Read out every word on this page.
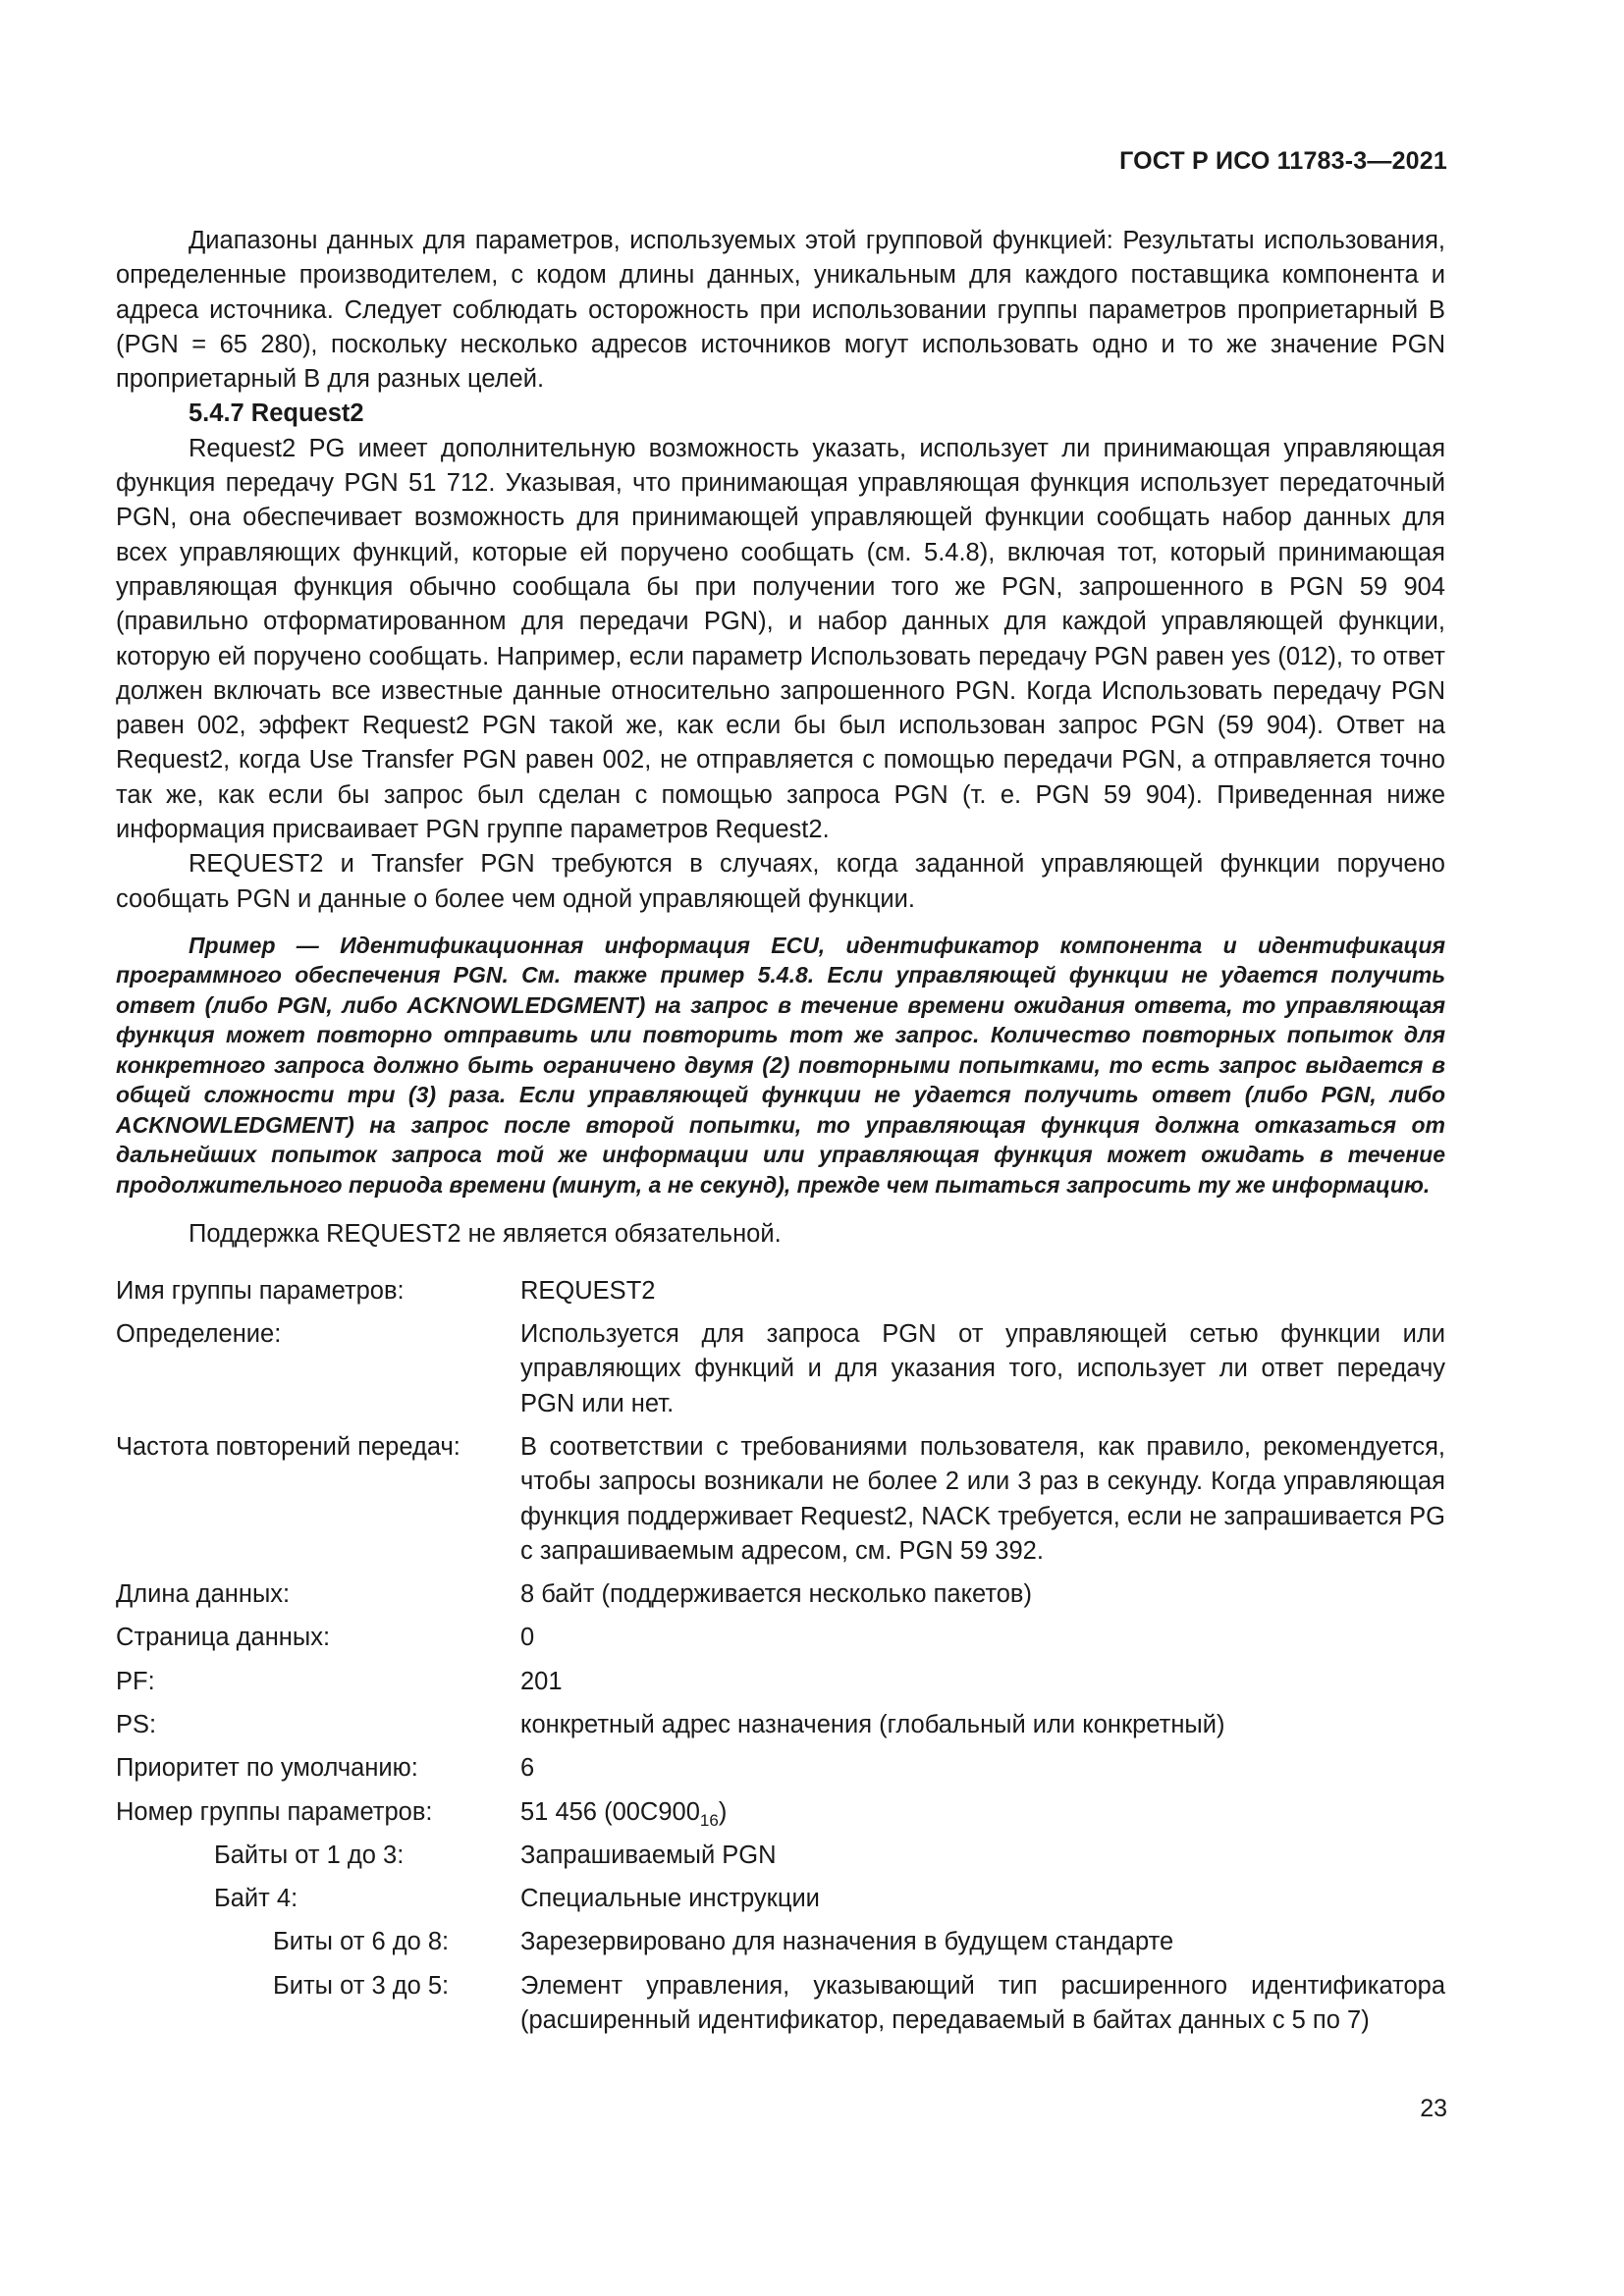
ГОСТ Р ИСО 11783-3—2021

Диапазоны данных для параметров, используемых этой групповой функцией: Результаты использования, определенные производителем, с кодом длины данных, уникальным для каждого поставщика компонента и адреса источника. Следует соблюдать осторожность при использовании группы параметров проприетарный В (PGN = 65 280), поскольку несколько адресов источников могут использовать одно и то же значение PGN проприетарный В для разных целей.

5.4.7 Request2

Request2 PG имеет дополнительную возможность указать, использует ли принимающая управляющая функция передачу PGN 51 712. Указывая, что принимающая управляющая функция использует передаточный PGN, она обеспечивает возможность для принимающей управляющей функции сообщать набор данных для всех управляющих функций, которые ей поручено сообщать (см. 5.4.8), включая тот, который принимающая управляющая функция обычно сообщала бы при получении того же PGN, запрошенного в PGN 59 904 (правильно отформатированном для передачи PGN), и набор данных для каждой управляющей функции, которую ей поручено сообщать. Например, если параметр Использовать передачу PGN равен yes (012), то ответ должен включать все известные данные относительно запрошенного PGN. Когда Использовать передачу PGN равен 002, эффект Request2 PGN такой же, как если бы был использован запрос PGN (59 904). Ответ на Request2, когда Use Transfer PGN равен 002, не отправляется с помощью передачи PGN, а отправляется точно так же, как если бы запрос был сделан с помощью запроса PGN (т. е. PGN 59 904). Приведенная ниже информация присваивает PGN группе параметров Request2.

REQUEST2 и Transfer PGN требуются в случаях, когда заданной управляющей функции поручено сообщать PGN и данные о более чем одной управляющей функции.

Пример — Идентификационная информация ECU, идентификатор компонента и идентификация программного обеспечения PGN. См. также пример 5.4.8. Если управляющей функции не удается получить ответ (либо PGN, либо ACKNOWLEDGMENT) на запрос в течение времени ожидания ответа, то управляющая функция может повторно отправить или повторить тот же запрос. Количество повторных попыток для конкретного запроса должно быть ограничено двумя (2) повторными попытками, то есть запрос выдается в общей сложности три (3) раза. Если управляющей функции не удается получить ответ (либо PGN, либо ACKNOWLEDGMENT) на запрос после второй попытки, то управляющая функция должна отказаться от дальнейших попыток запроса той же информации или управляющая функция может ожидать в течение продолжительного периода времени (минут, а не секунд), прежде чем пытаться запросить ту же информацию.

Поддержка REQUEST2 не является обязательной.

Имя группы параметров:	REQUEST2
Определение:	Используется для запроса PGN от управляющей сетью функции или управляющих функций и для указания того, использует ли ответ передачу PGN или нет.
Частота повторений передач:	В соответствии с требованиями пользователя, как правило, рекомендуется, чтобы запросы возникали не более 2 или 3 раз в секунду. Когда управляющая функция поддерживает Request2, NACK требуется, если не запрашивается PG с запрашиваемым адресом, см. PGN 59 392.
Длина данных:	8 байт (поддерживается несколько пакетов)
Страница данных:	0
PF:	201
PS:	конкретный адрес назначения (глобальный или конкретный)
Приоритет по умолчанию:	6
Номер группы параметров:	51 456 $(00C900_{16})$
Байты от 1 до 3:	Запрашиваемый PGN
Байт 4:	Специальные инструкции
Биты от 6 до 8:	Зарезервировано для назначения в будущем стандарте
Биты от 3 до 5:	Элемент управления, указывающий тип расширенного идентификатора (расширенный идентификатор, передаваемый в байтах данных с 5 по 7)
23
